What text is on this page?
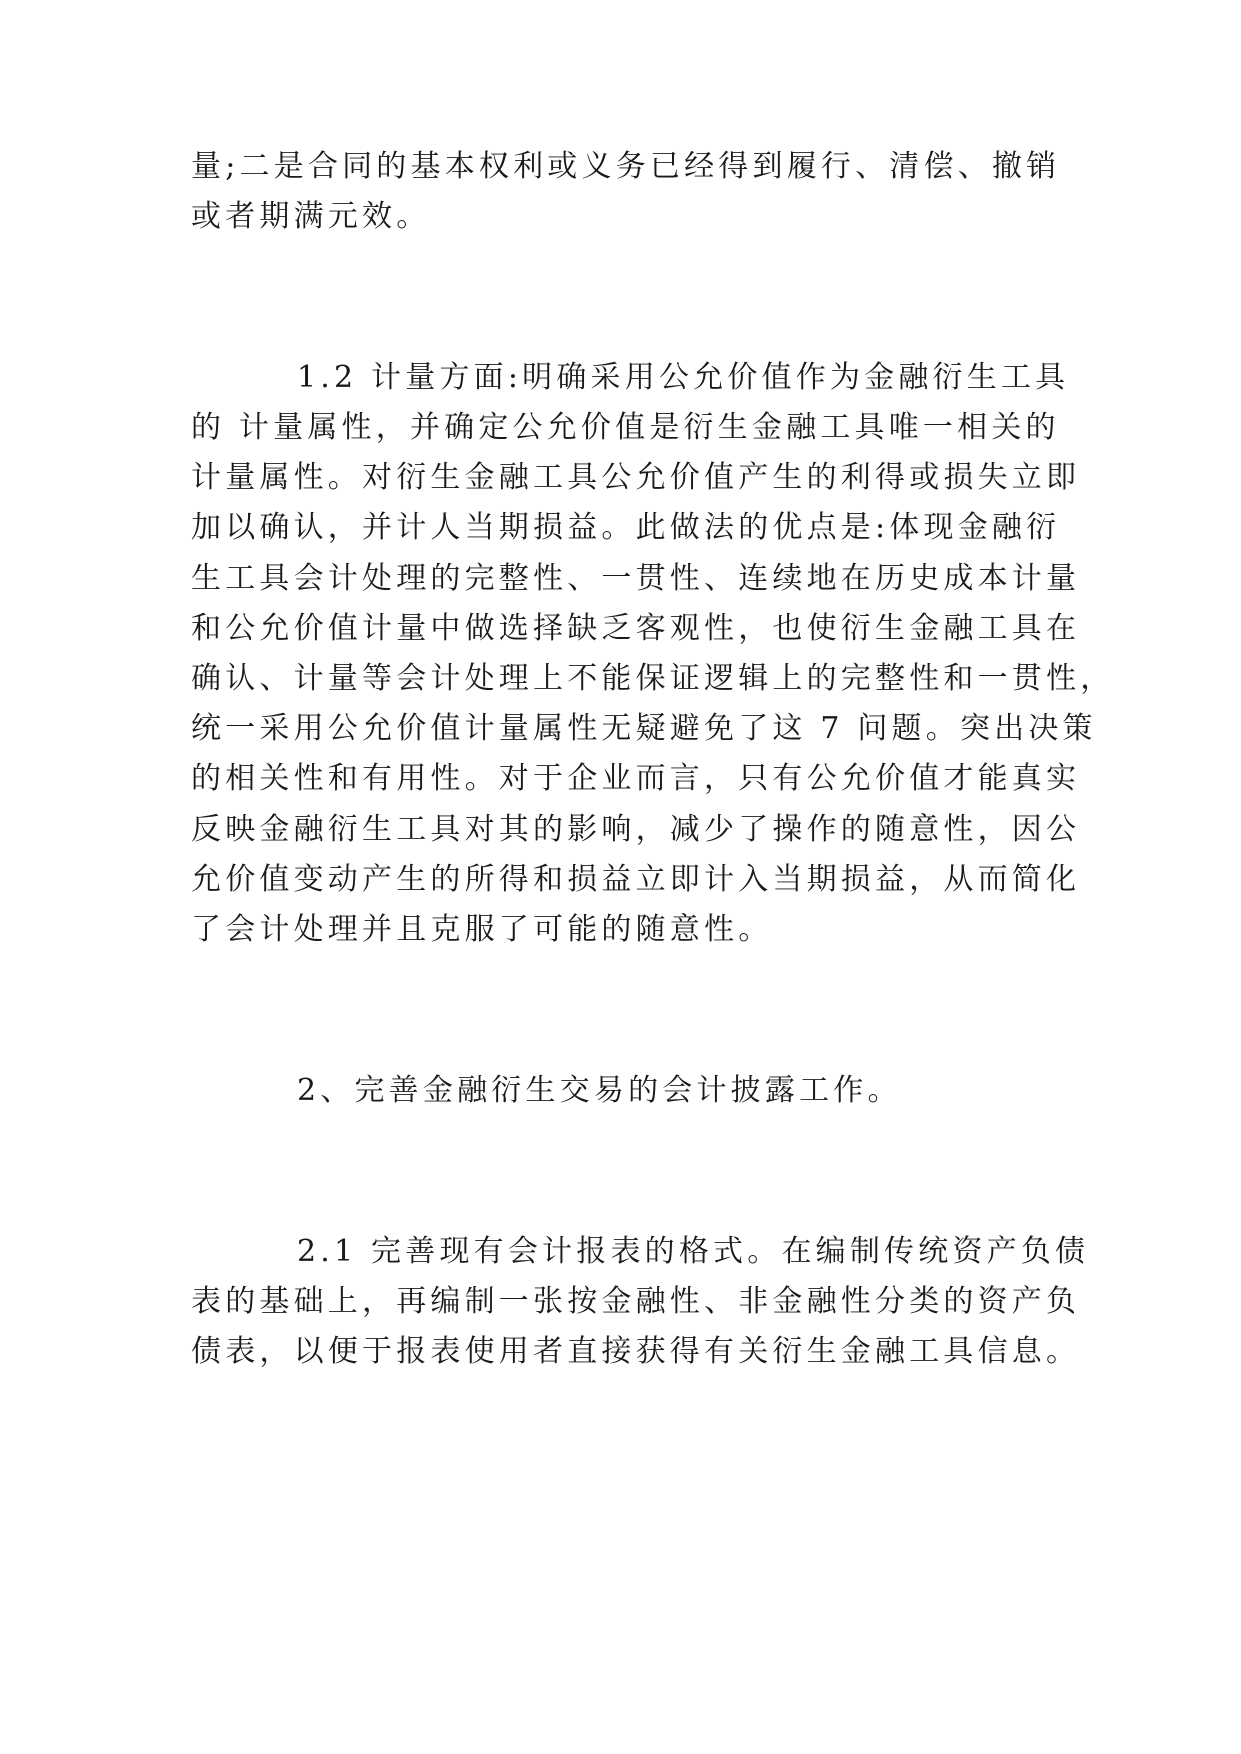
量;二是合同的基本权利或义务已经得到履行、清偿、撤销
或者期满元效。
1.2 计量方面:明确采用公允价值作为金融衍生工具
的 计量属性，并确定公允价值是衍生金融工具唯一相关的
计量属性。对衍生金融工具公允价值产生的利得或损失立即
加以确认，并计人当期损益。此做法的优点是:体现金融衍
生工具会计处理的完整性、一贯性、连续地在历史成本计量
和公允价值计量中做选择缺乏客观性，也使衍生金融工具在
确认、计量等会计处理上不能保证逻辑上的完整性和一贯性，
统一采用公允价值计量属性无疑避免了这 7 问题。突出决策
的相关性和有用性。对于企业而言，只有公允价值才能真实
反映金融衍生工具对其的影响，减少了操作的随意性，因公
允价值变动产生的所得和损益立即计入当期损益，从而简化
了会计处理并且克服了可能的随意性。
2、完善金融衍生交易的会计披露工作。
2.1 完善现有会计报表的格式。在编制传统资产负债
表的基础上，再编制一张按金融性、非金融性分类的资产负
债表，以便于报表使用者直接获得有关衍生金融工具信息。
